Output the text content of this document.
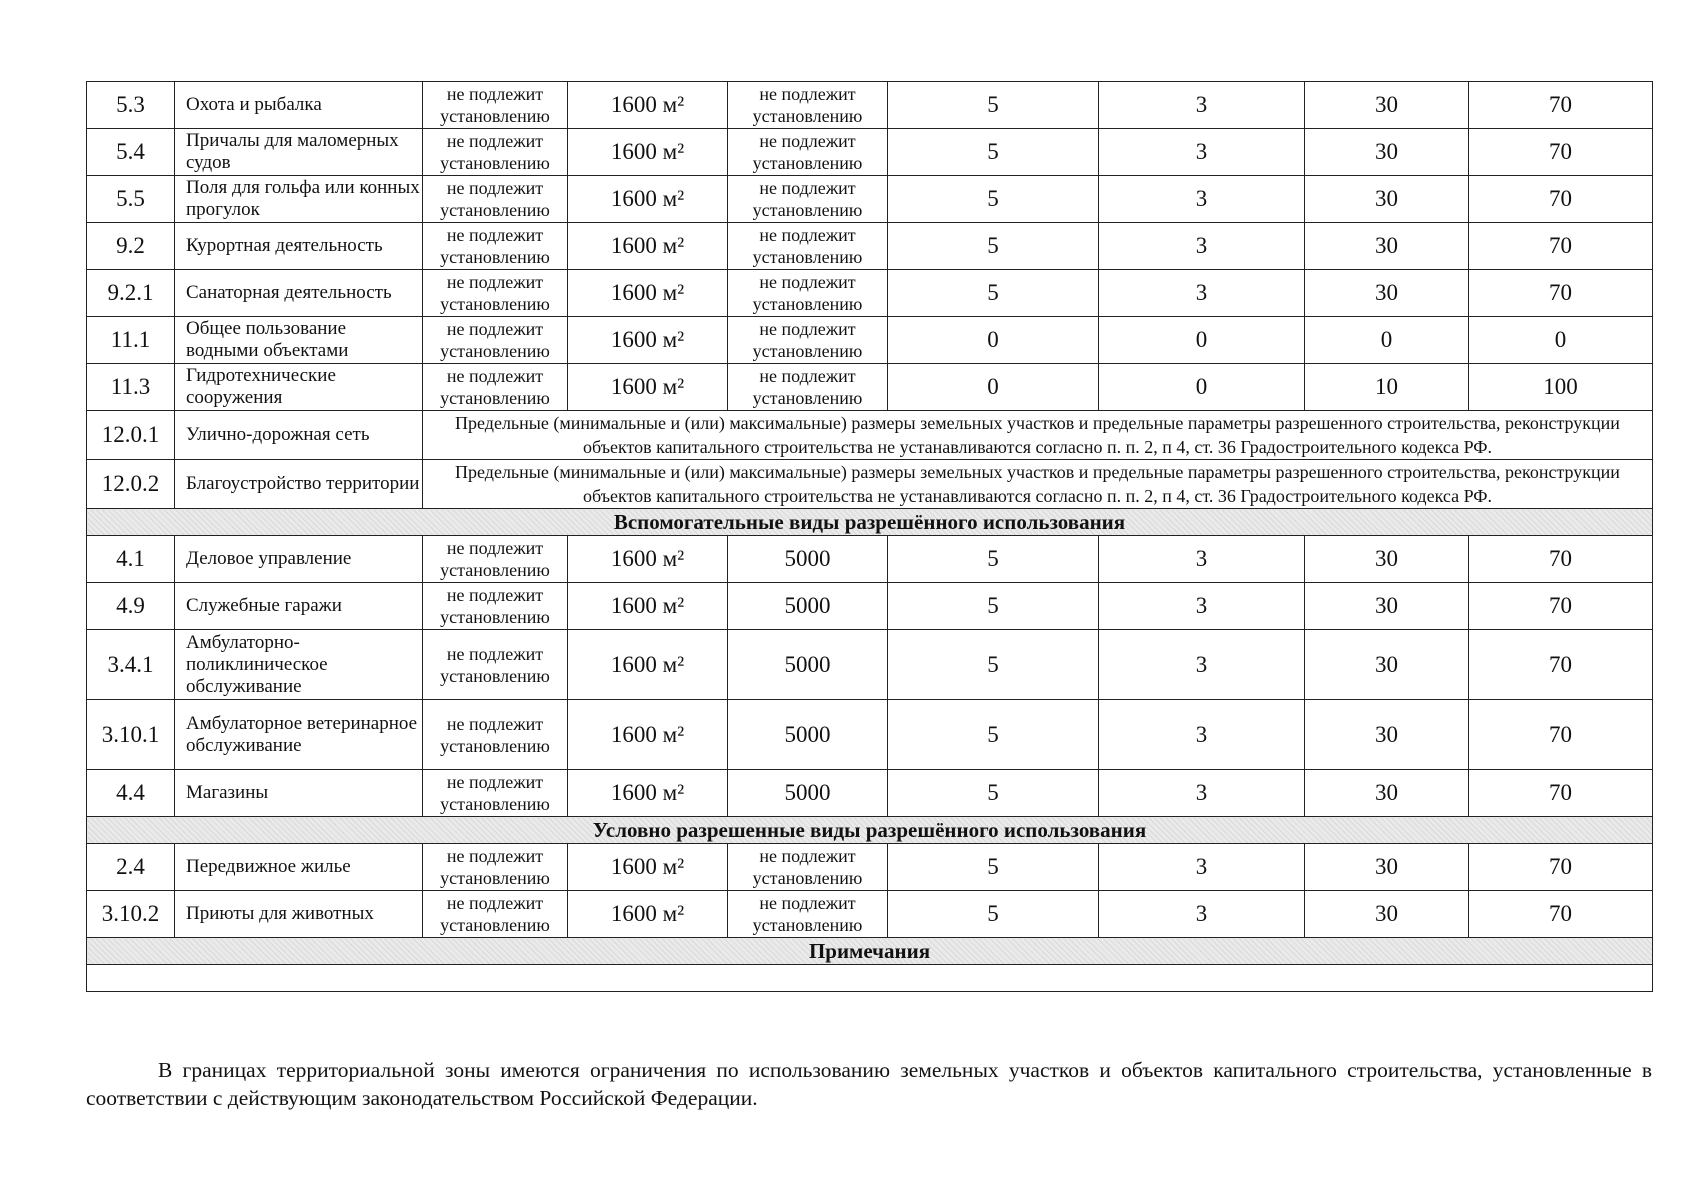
5.3	Охота и рыбалка	не подлежит установлению	1600 м²	не подлежит установлению	5	3	30	70
5.4	Причалы для маломерных судов	не подлежит установлению	1600 м²	не подлежит установлению	5	3	30	70
5.5	Поля для гольфа или конных прогулок	не подлежит установлению	1600 м²	не подлежит установлению	5	3	30	70
9.2	Курортная деятельность	не подлежит установлению	1600 м²	не подлежит установлению	5	3	30	70
9.2.1	Санаторная деятельность	не подлежит установлению	1600 м²	не подлежит установлению	5	3	30	70
11.1	Общее пользование водными объектами	не подлежит установлению	1600 м²	не подлежит установлению	0	0	0	0
11.3	Гидротехнические сооружения	не подлежит установлению	1600 м²	не подлежит установлению	0	0	10	100
12.0.1	Улично-дорожная сеть	Предельные (минимальные и (или) максимальные) размеры земельных участков и предельные параметры разрешенного строительства, реконструкции объектов капитального строительства не устанавливаются согласно п. п. 2, п 4, ст. 36 Градостроительного кодекса РФ.						
12.0.2	Благоустройство территории	Предельные (минимальные и (или) максимальные) размеры земельных участков и предельные параметры разрешенного строительства, реконструкции объектов капитального строительства не устанавливаются согласно п. п. 2, п 4, ст. 36 Градостроительного кодекса РФ.						
Вспомогательные виды разрешённого использования								
4.1	Деловое управление	не подлежит установлению	1600 м²	5000	5	3	30	70
4.9	Служебные гаражи	не подлежит установлению	1600 м²	5000	5	3	30	70
3.4.1	Амбулаторно-поликлиническое обслуживание	не подлежит установлению	1600 м²	5000	5	3	30	70
3.10.1	Амбулаторное ветеринарное обслуживание	не подлежит установлению	1600 м²	5000	5	3	30	70
4.4	Магазины	не подлежит установлению	1600 м²	5000	5	3	30	70
Условно разрешенные виды разрешённого использования								
2.4	Передвижное жилье	не подлежит установлению	1600 м²	не подлежит установлению	5	3	30	70
3.10.2	Приюты для животных	не подлежит установлению	1600 м²	не подлежит установлению	5	3	30	70
Примечания								

В границах территориальной зоны имеются ограничения по использованию земельных участков и объектов капитального строительства, установленные в соответствии с действующим законодательством Российской Федерации.
